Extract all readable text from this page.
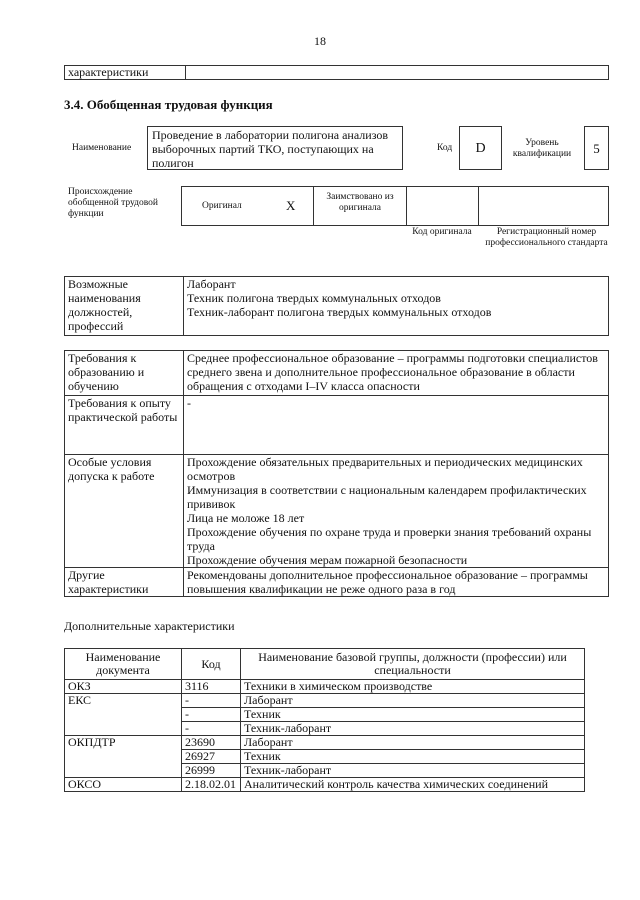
18
характеристики	
3.4. Обобщенная трудовая функция
Наименование
Проведение в лаборатории полигона анализов выборочных партий ТКО, поступающих на полигон
Код	D	Уровень квалификации	5
Происхождение обобщенной трудовой функции
Оригинал	X	Заимствовано из оригинала		
Код оригинала	Регистрационный номер профессионального стандарта
Возможные наименования должностей, профессий	
Лаборант
Техник полигона твердых коммунальных отходов
Техник-лаборант полигона твердых коммунальных отходов
Требования к образованию и обучению	Среднее профессиональное образование – программы подготовки специалистов среднего звена и дополнительное профессиональное образование в области обращения с отходами I–IV класса опасности
Требования к опыту практической работы	-
Особые условия допуска к работе	Прохождение обязательных предварительных и периодических медицинских осмотров
Иммунизация в соответствии с национальным календарем профилактических прививок
Лица не моложе 18 лет
Прохождение обучения по охране труда и проверки знания требований охраны труда
Прохождение обучения мерам пожарной безопасности

Другие характеристики	Рекомендованы дополнительное профессиональное образование – программы повышения квалификации не реже одного раза в год
Дополнительные характеристики
Наименование документа	Код	Наименование базовой группы, должности (профессии) или специальности
ОКЗ	3116	Техники в химическом производстве
ЕКС	-	Лаборант
	-	Техник
	-	Техник-лаборант
ОКПДТР	23690	Лаборант
	26927	Техник
	26999	Техник-лаборант
ОКСО	2.18.02.01	Аналитический контроль качества химических соединений
